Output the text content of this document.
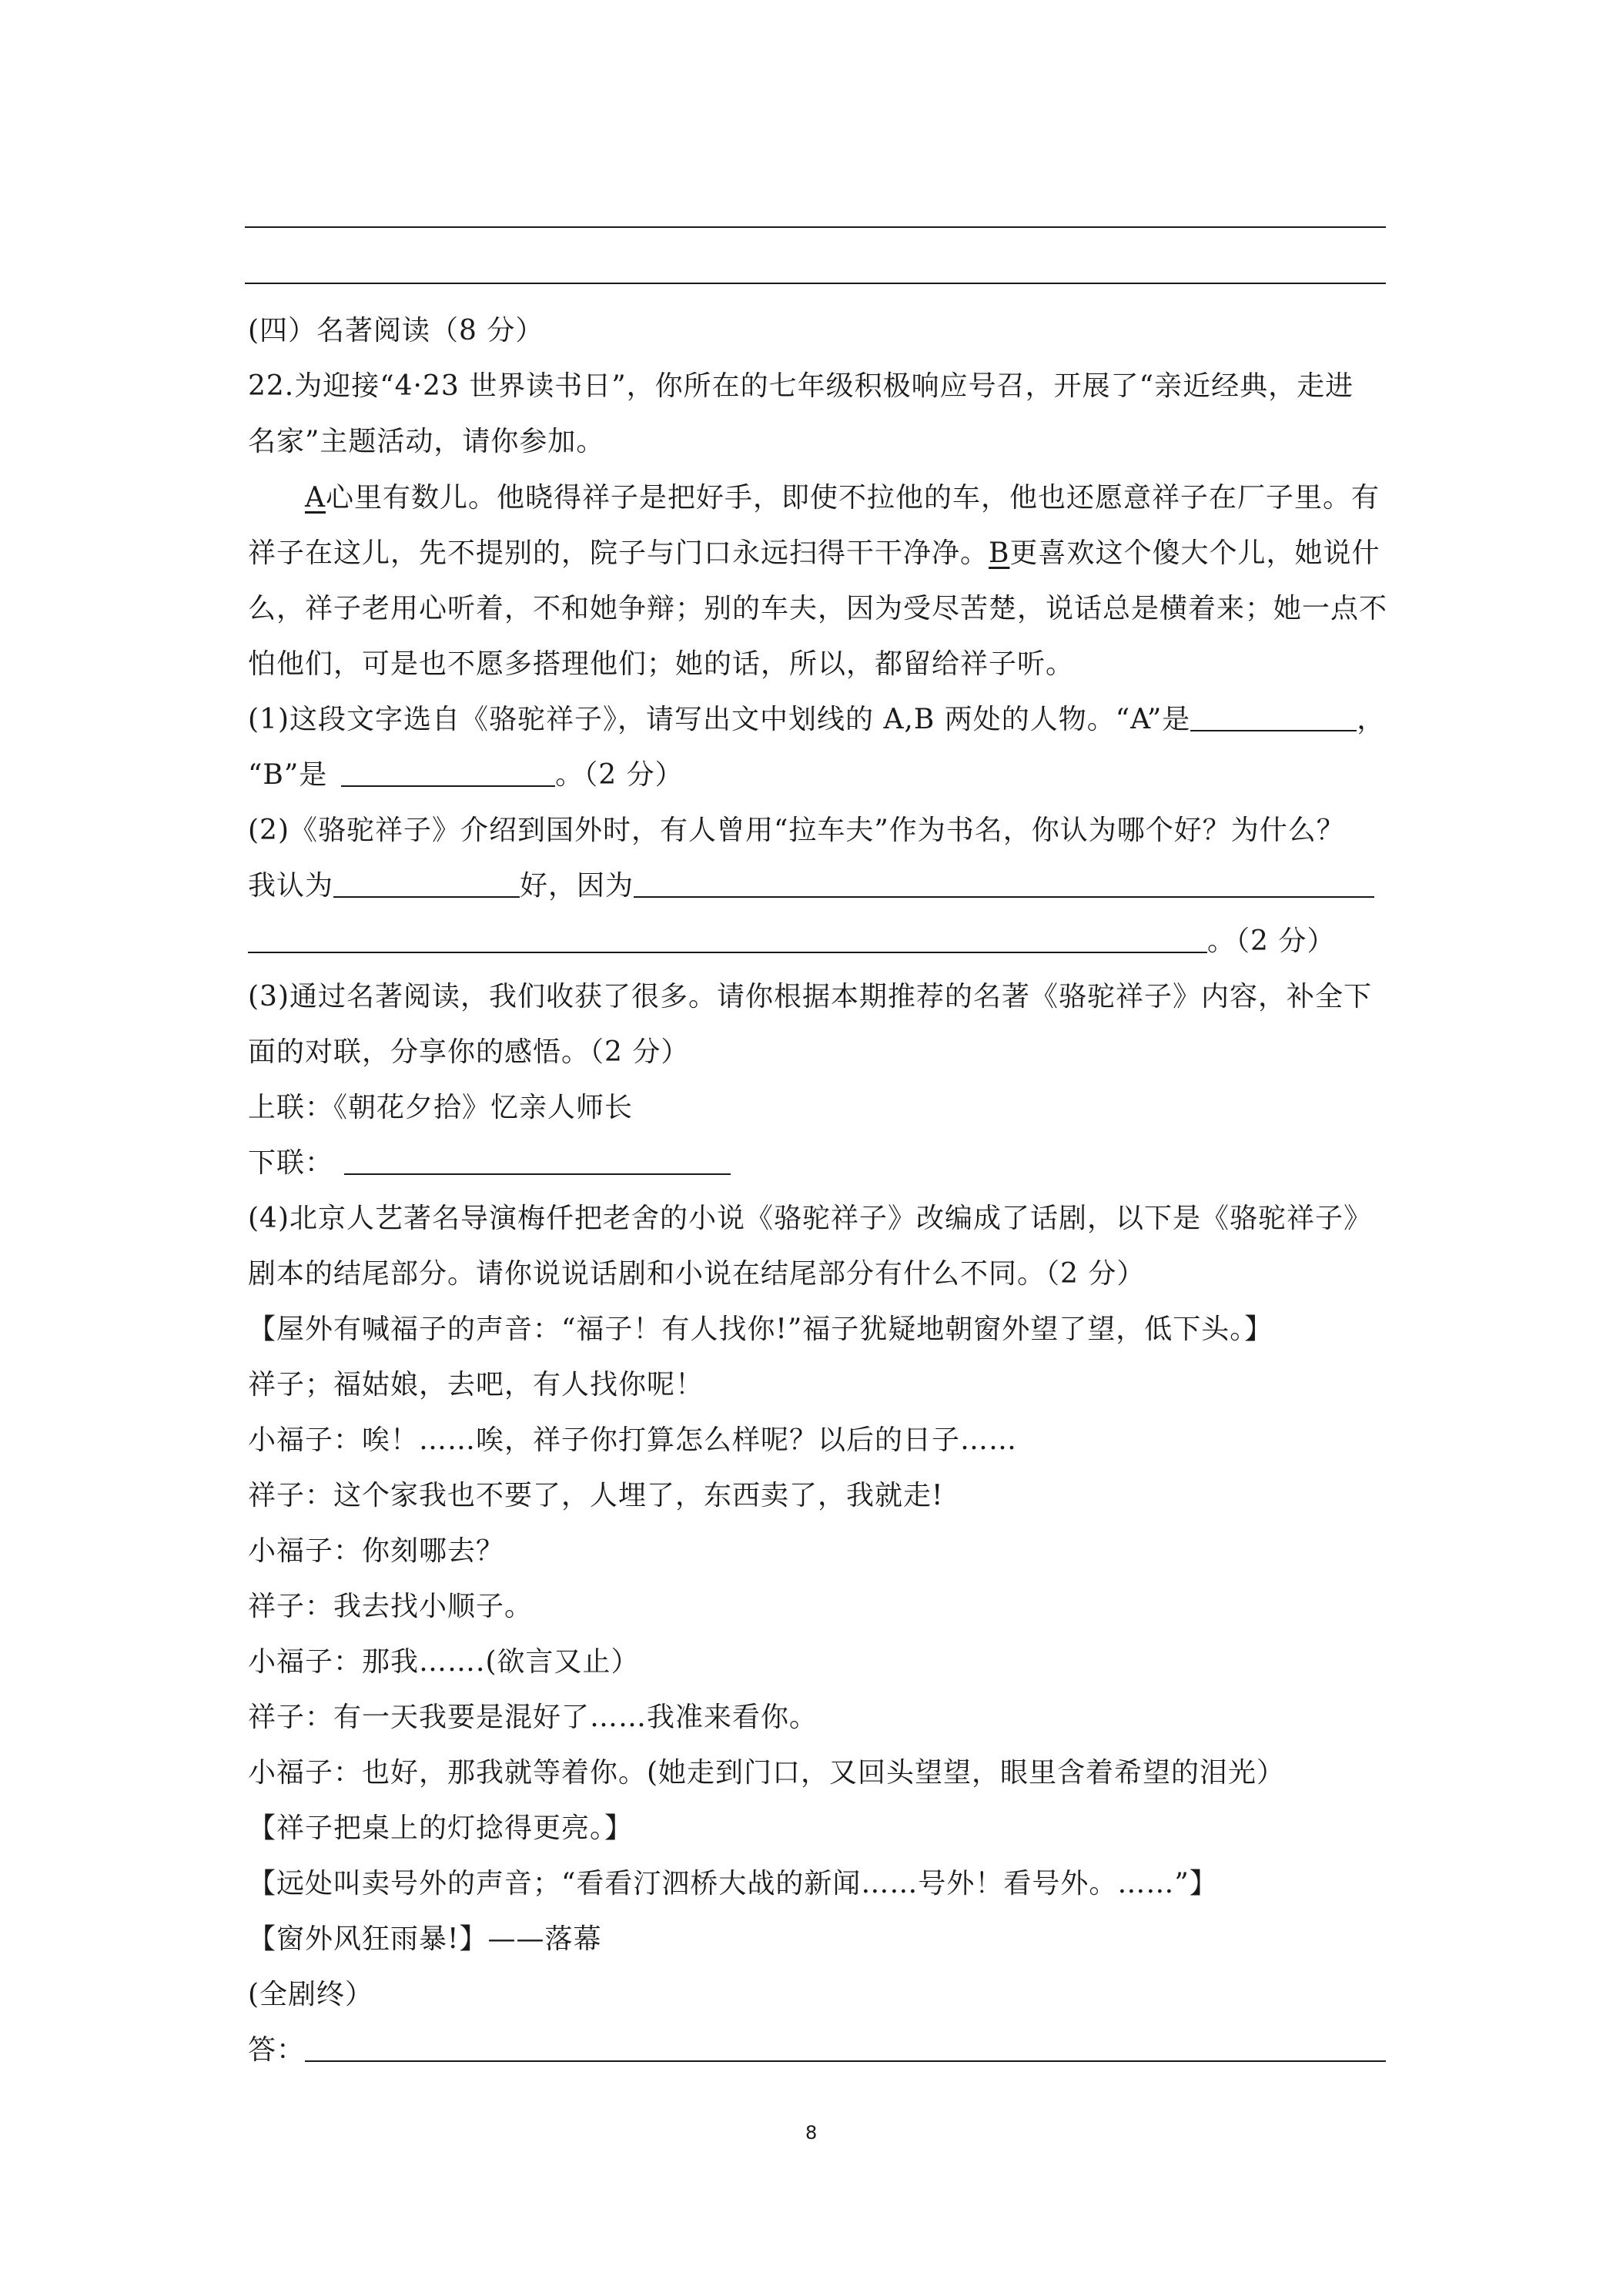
(四）名著阅读（8 分）
22.为迎接“4·23 世界读书日”，你所在的七年级积极响应号召，开展了“亲近经典，走进
名家”主题活动，请你参加。
A心里有数儿。他晓得祥子是把好手，即使不拉他的车，他也还愿意祥子在厂子里。有
祥子在这儿，先不提别的，院子与门口永远扫得干干净净。B更喜欢这个傻大个儿，她说什
么，祥子老用心听着，不和她争辩；别的车夫，因为受尽苦楚，说话总是横着来；她一点不
怕他们，可是也不愿多搭理他们；她的话，所以，都留给祥子听。
(1)这段文字选自《骆驼祥子》，请写出文中划线的 A,B 两处的人物。“A”是	，
“B”是	。（2 分）
(2)《骆驼祥子》介绍到国外时，有人曾用“拉车夫”作为书名，你认为哪个好？为什么？
我认为	好，因为
。（2 分）
(3)通过名著阅读，我们收获了很多。请你根据本期推荐的名著《骆驼祥子》内容，补全下
面的对联，分享你的感悟。（2 分）
上联：《朝花夕拾》忆亲人师长
下联：
(4)北京人艺著名导演梅仟把老舍的小说《骆驼祥子》改编成了话剧，以下是《骆驼祥子》
剧本的结尾部分。请你说说话剧和小说在结尾部分有什么不同。（2 分）
【屋外有喊福子的声音：“福子！有人找你!”福子犹疑地朝窗外望了望，低下头。】
祥子；福姑娘，去吧，有人找你呢！
小福子：唉！……唉，祥子你打算怎么样呢？以后的日子……
祥子：这个家我也不要了，人埋了，东西卖了，我就走!
小福子：你刻哪去？
祥子：我去找小顺子。
小福子：那我…….(欲言又止）
祥子：有一天我要是混好了……我准来看你。
小福子：也好，那我就等着你。(她走到门口，又回头望望，眼里含着希望的泪光）
【祥子把桌上的灯捻得更亮。】
【远处叫卖号外的声音；“看看汀泗桥大战的新闻……号外！看号外。……”】
【窗外风狂雨暴!】——落幕
(全剧终）
答：
8
